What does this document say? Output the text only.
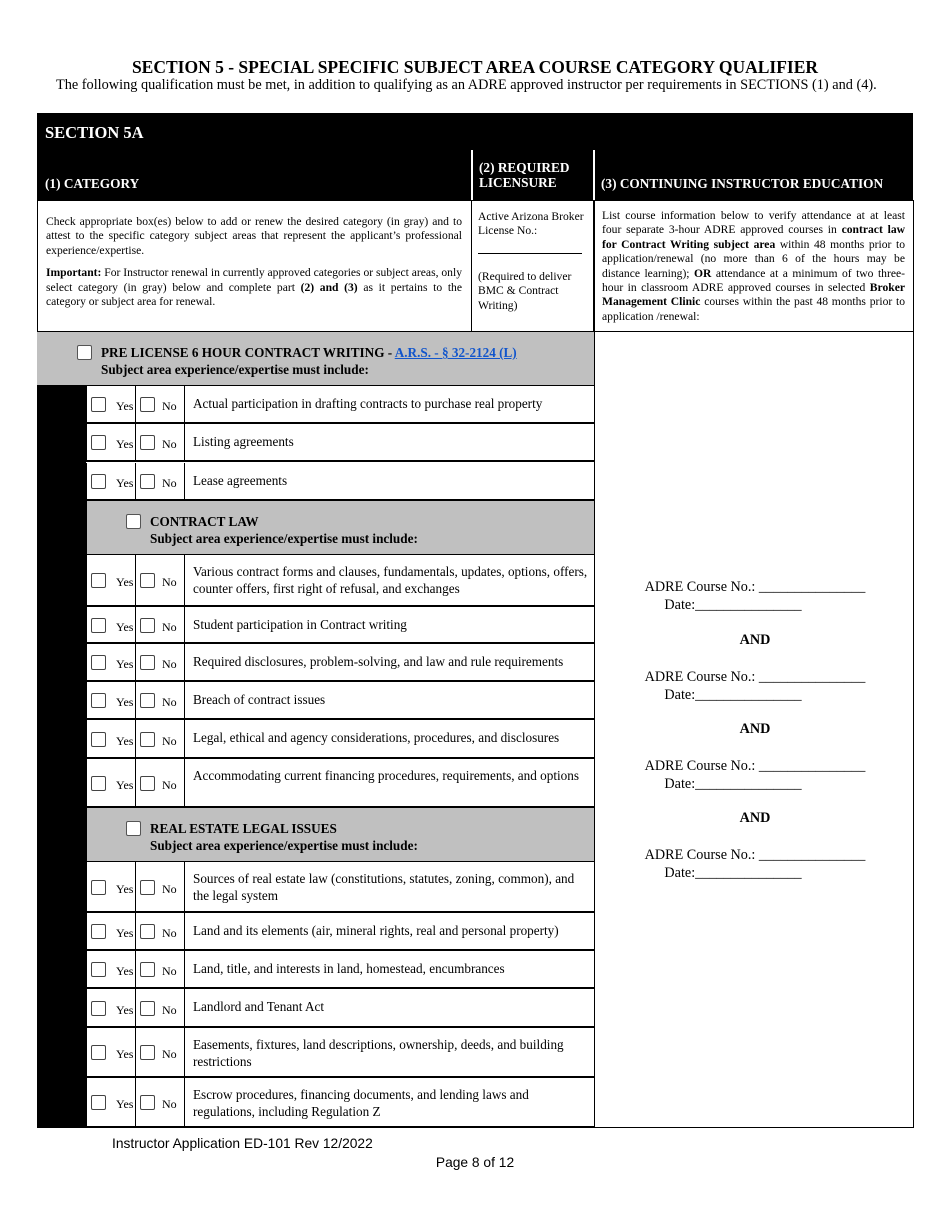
SECTION 5 - SPECIAL SPECIFIC SUBJECT AREA COURSE CATEGORY QUALIFIER
The following qualification must be met, in addition to qualifying as an ADRE approved instructor per requirements in SECTIONS (1) and (4).
SECTION 5A
(1) CATEGORY
(2) REQUIRED LICENSURE	(3) CONTINUING INSTRUCTOR EDUCATION

Check appropriate box(es) below to add or renew the desired category (in gray) and to attest to the specific category subject areas that represent the applicant’s professional experience/expertise.

Important: For Instructor renewal in currently approved categories or subject areas, only select category (in gray) below and complete part (2) and (3) as it pertains to the category or subject area for renewal.

Active Arizona Broker License No.:
(Required to deliver BMC & Contract Writing)
List course information below to verify attendance at at least four separate 3-hour ADRE approved courses in contract law for Contract Writing subject area within 48 months prior to application/renewal (no more than 6 of the hours may be distance learning); OR attendance at a minimum of two three-hour in classroom ADRE approved courses in selected Broker Management Clinic courses within the past 48 months prior to application /renewal:
ADRE Course No.: _______________
Date:_______________
AND
ADRE Course No.: _______________
Date:_______________
AND
ADRE Course No.: _______________
Date:_______________
AND
ADRE Course No.: _______________
Date:_______________
PRE LICENSE 6 HOUR CONTRACT WRITING - A.R.S. - § 32-2124 (L)
Subject area experience/expertise must include:
CONTRACT LAW
Subject area experience/expertise must include:
REAL ESTATE LEGAL ISSUES
Subject area experience/expertise must include:
Yes No Actual participation in drafting contracts to purchase real property
Yes No Listing agreements
Yes No Lease agreements
Yes No
Various contract forms and clauses, fundamentals, updates, options, offers, counter offers, first right of refusal, and exchanges
Yes No Student participation in Contract writing
Yes No Required disclosures, problem-solving, and law and rule requirements
Yes No Breach of contract issues
Yes No Legal, ethical and agency considerations, procedures, and disclosures
Yes No
Accommodating current financing procedures, requirements, and options
Yes No
Sources of real estate law (constitutions, statutes, zoning, common), and the legal system
Yes No Land and its elements (air, mineral rights, real and personal property)
Yes No Land, title, and interests in land, homestead, encumbrances
Yes No Landlord and Tenant Act
Yes No
Easements, fixtures, land descriptions, ownership, deeds, and building restrictions
Yes No
Escrow procedures, financing documents, and lending laws and regulations, including Regulation Z
Instructor Application ED-101 Rev 12/2022
Page 8 of 12
